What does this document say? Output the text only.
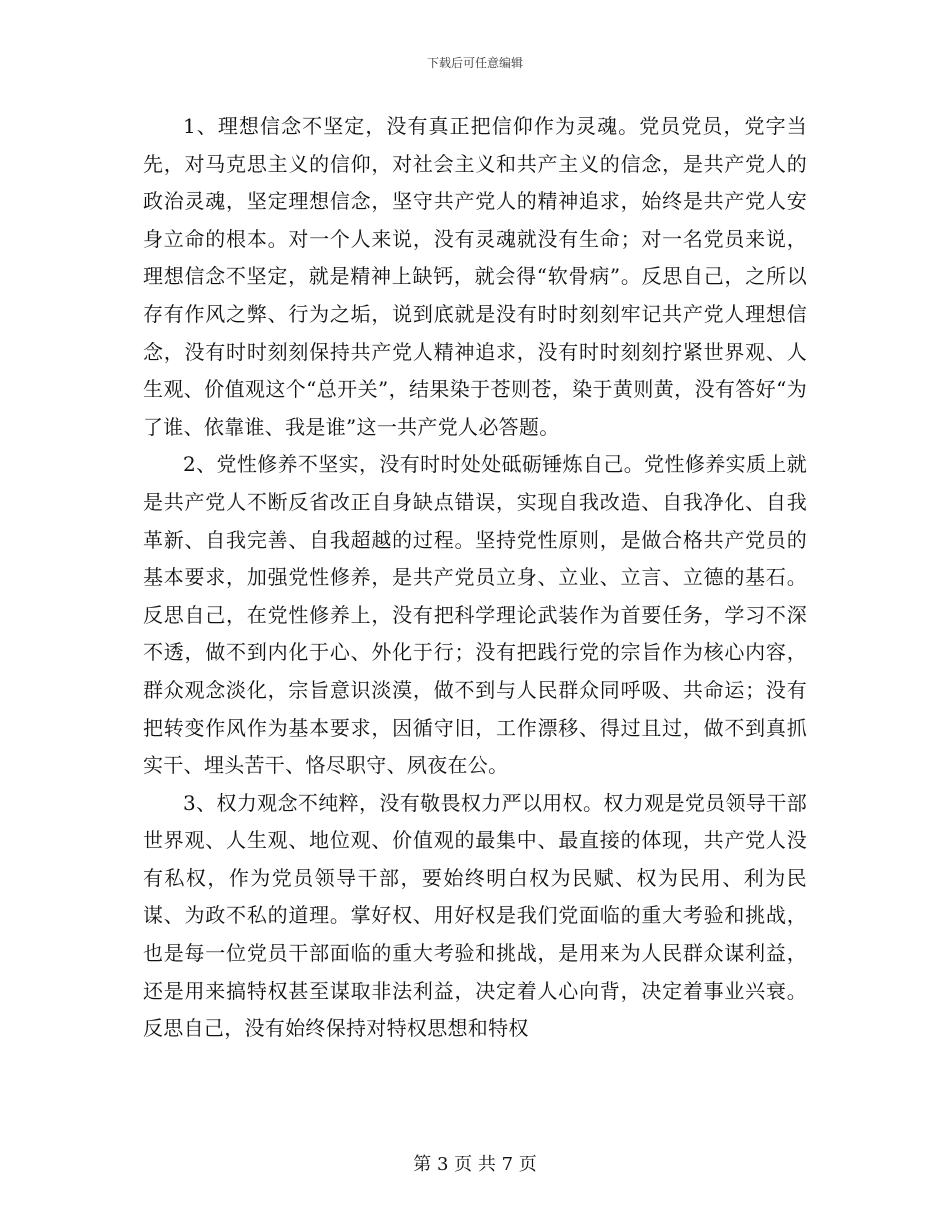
下载后可任意编辑

1、理想信念不坚定，没有真正把信仰作为灵魂。党员党员，党字当先，对马克思主义的信仰，对社会主义和共产主义的信念，是共产党人的政治灵魂，坚定理想信念，坚守共产党人的精神追求，始终是共产党人安身立命的根本。对一个人来说，没有灵魂就没有生命；对一名党员来说，理想信念不坚定，就是精神上缺钙，就会得“软骨病”。反思自己，之所以存有作风之弊、行为之垢，说到底就是没有时时刻刻牢记共产党人理想信念，没有时时刻刻保持共产党人精神追求，没有时时刻刻拧紧世界观、人生观、价值观这个“总开关”，结果染于苍则苍，染于黄则黄，没有答好“为了谁、依靠谁、我是谁”这一共产党人必答题。

2、党性修养不坚实，没有时时处处砥砺锤炼自己。党性修养实质上就是共产党人不断反省改正自身缺点错误，实现自我改造、自我净化、自我革新、自我完善、自我超越的过程。坚持党性原则，是做合格共产党员的基本要求，加强党性修养，是共产党员立身、立业、立言、立德的基石。反思自己，在党性修养上，没有把科学理论武装作为首要任务，学习不深不透，做不到内化于心、外化于行；没有把践行党的宗旨作为核心内容，群众观念淡化，宗旨意识淡漠，做不到与人民群众同呼吸、共命运；没有把转变作风作为基本要求，因循守旧，工作漂移、得过且过，做不到真抓实干、埋头苦干、恪尽职守、夙夜在公。

3、权力观念不纯粹，没有敬畏权力严以用权。权力观是党员领导干部世界观、人生观、地位观、价值观的最集中、最直接的体现，共产党人没有私权，作为党员领导干部，要始终明白权为民赋、权为民用、利为民谋、为政不私的道理。掌好权、用好权是我们党面临的重大考验和挑战，也是每一位党员干部面临的重大考验和挑战，是用来为人民群众谋利益，还是用来搞特权甚至谋取非法利益，决定着人心向背，决定着事业兴衰。反思自己，没有始终保持对特权思想和特权

第 3 页 共 7 页
